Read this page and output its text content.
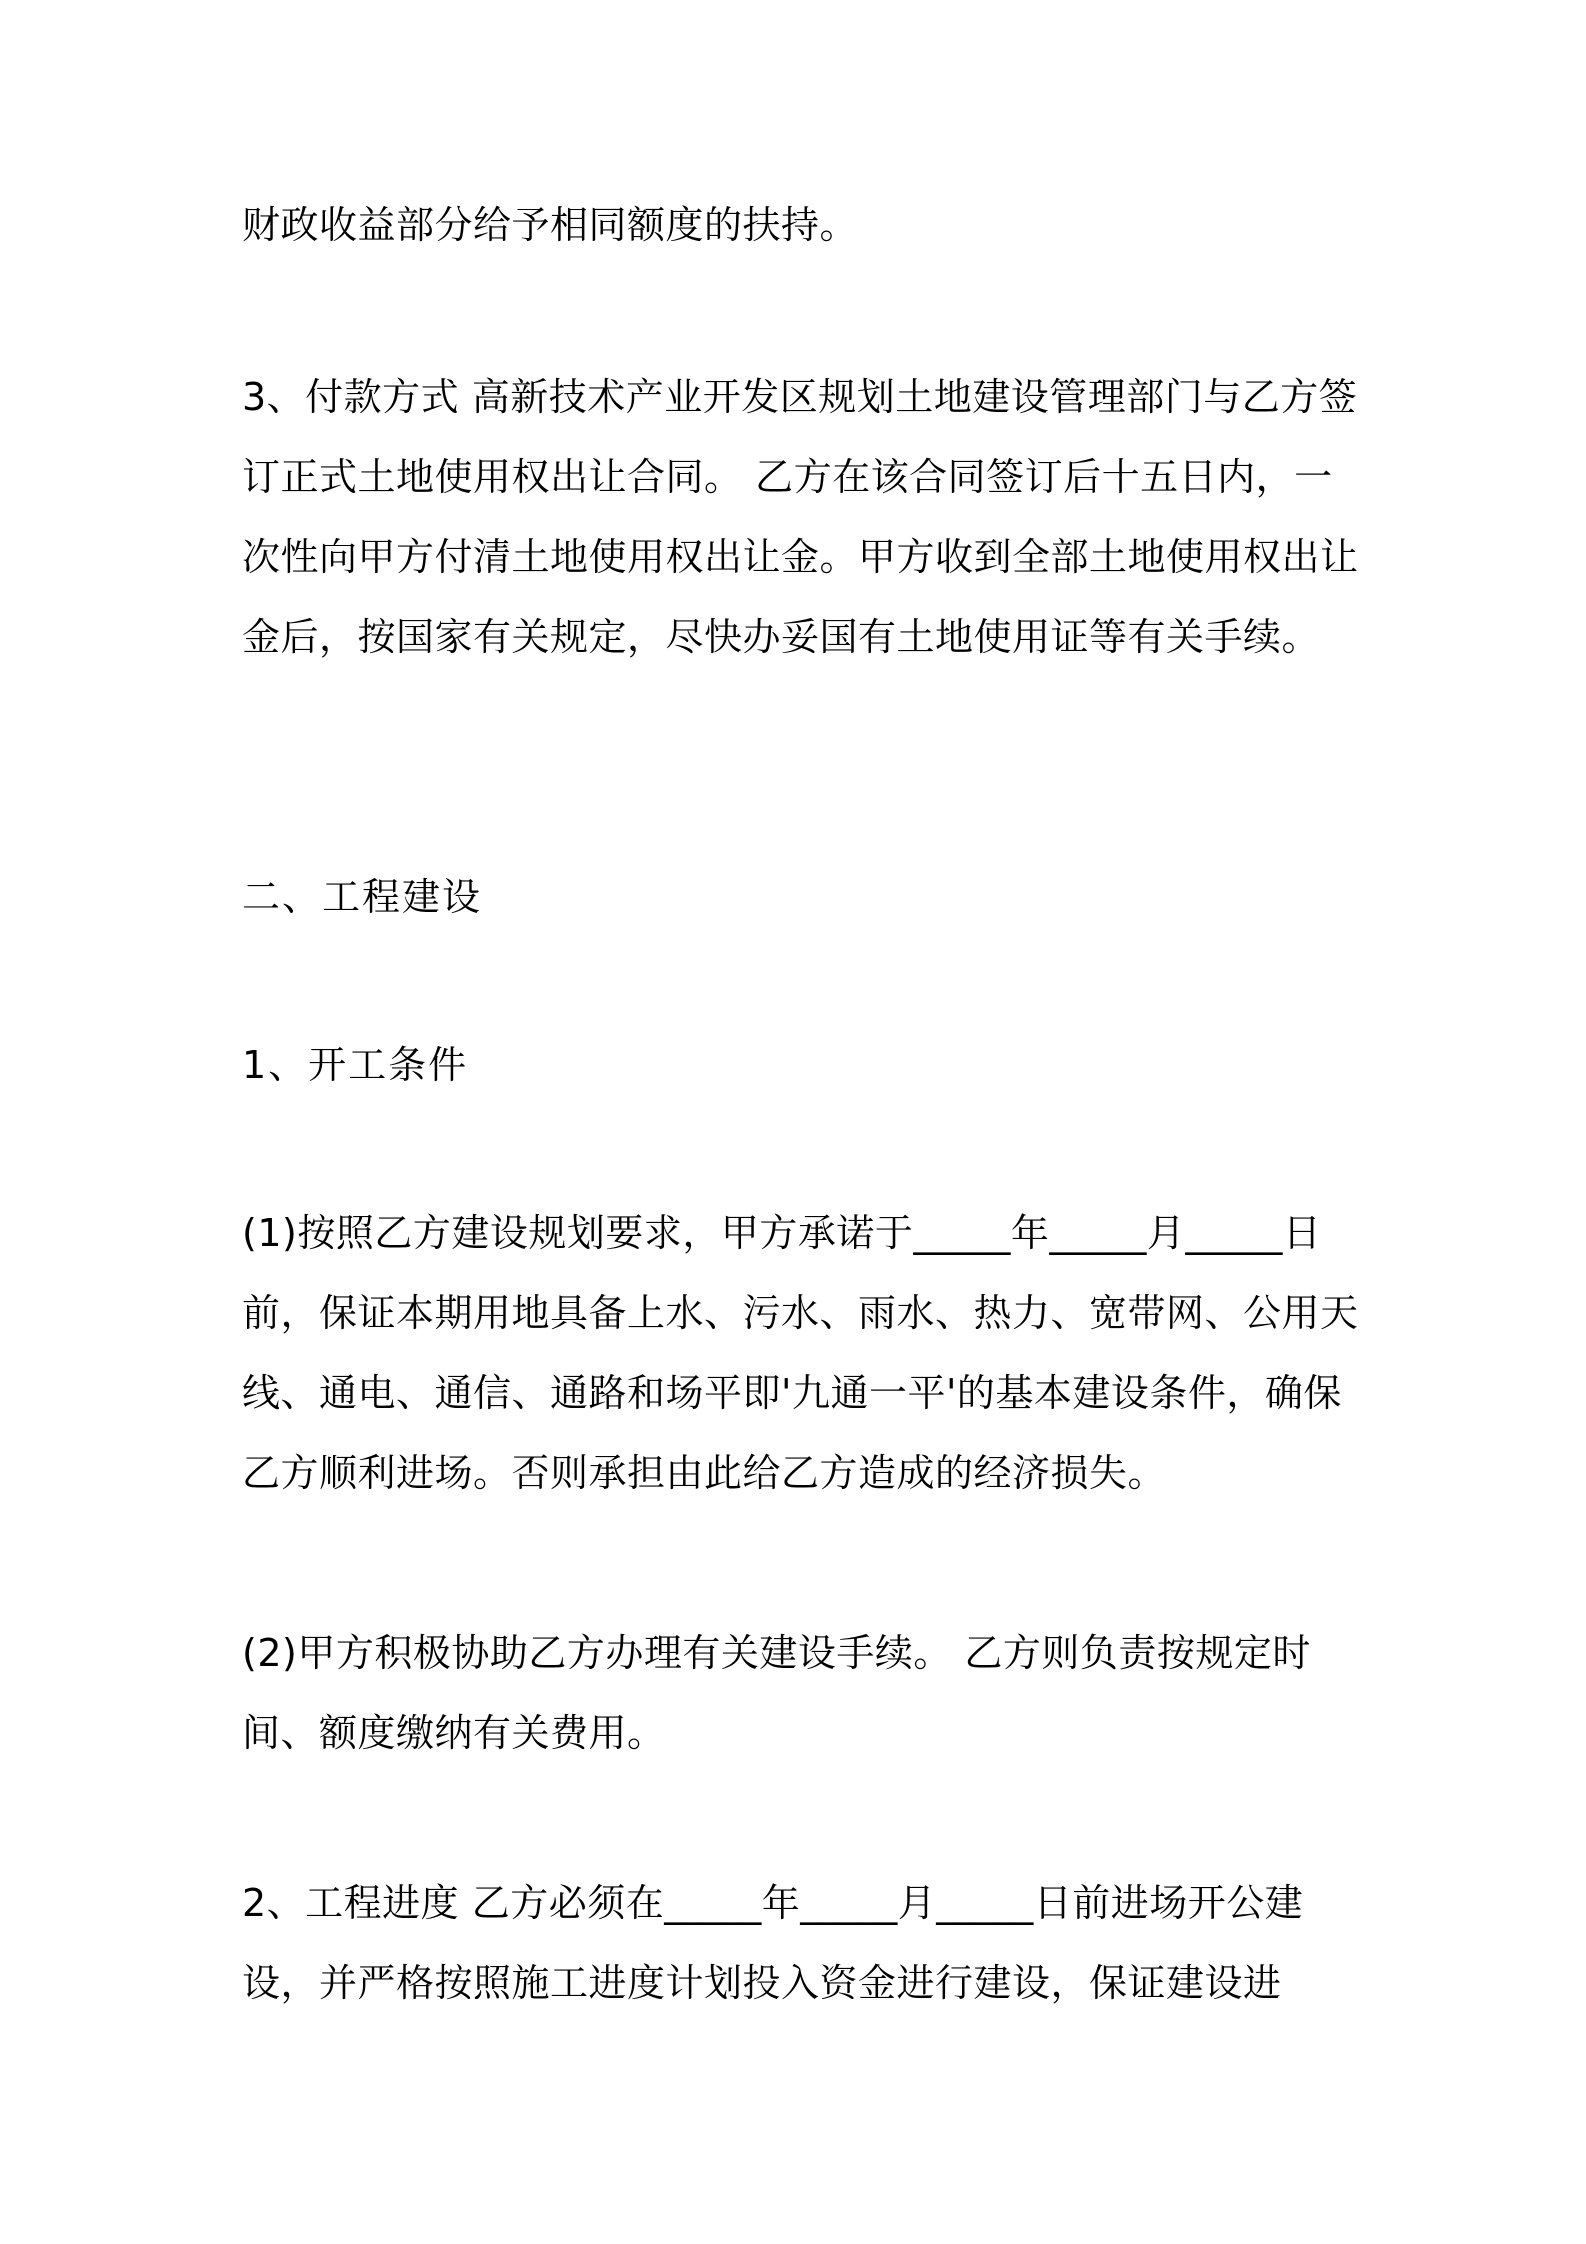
财政收益部分给予相同额度的扶持。

3、付款方式 高新技术产业开发区规划土地建设管理部门与乙方签订正式土地使用权出让合同。 乙方在该合同签订后十五日内，一次性向甲方付清土地使用权出让金。甲方收到全部土地使用权出让金后，按国家有关规定，尽快办妥国有土地使用证等有关手续。

二、工程建设

1、开工条件

(1)按照乙方建设规划要求，甲方承诺于_____年_____月_____日前，保证本期用地具备上水、污水、雨水、热力、宽带网、公用天线、通电、通信、通路和场平即'九通一平'的基本建设条件，确保乙方顺利进场。否则承担由此给乙方造成的经济损失。

(2)甲方积极协助乙方办理有关建设手续。 乙方则负责按规定时间、额度缴纳有关费用。

2、工程进度 乙方必须在_____年_____月_____日前进场开公建设，并严格按照施工进度计划投入资金进行建设，保证建设进
